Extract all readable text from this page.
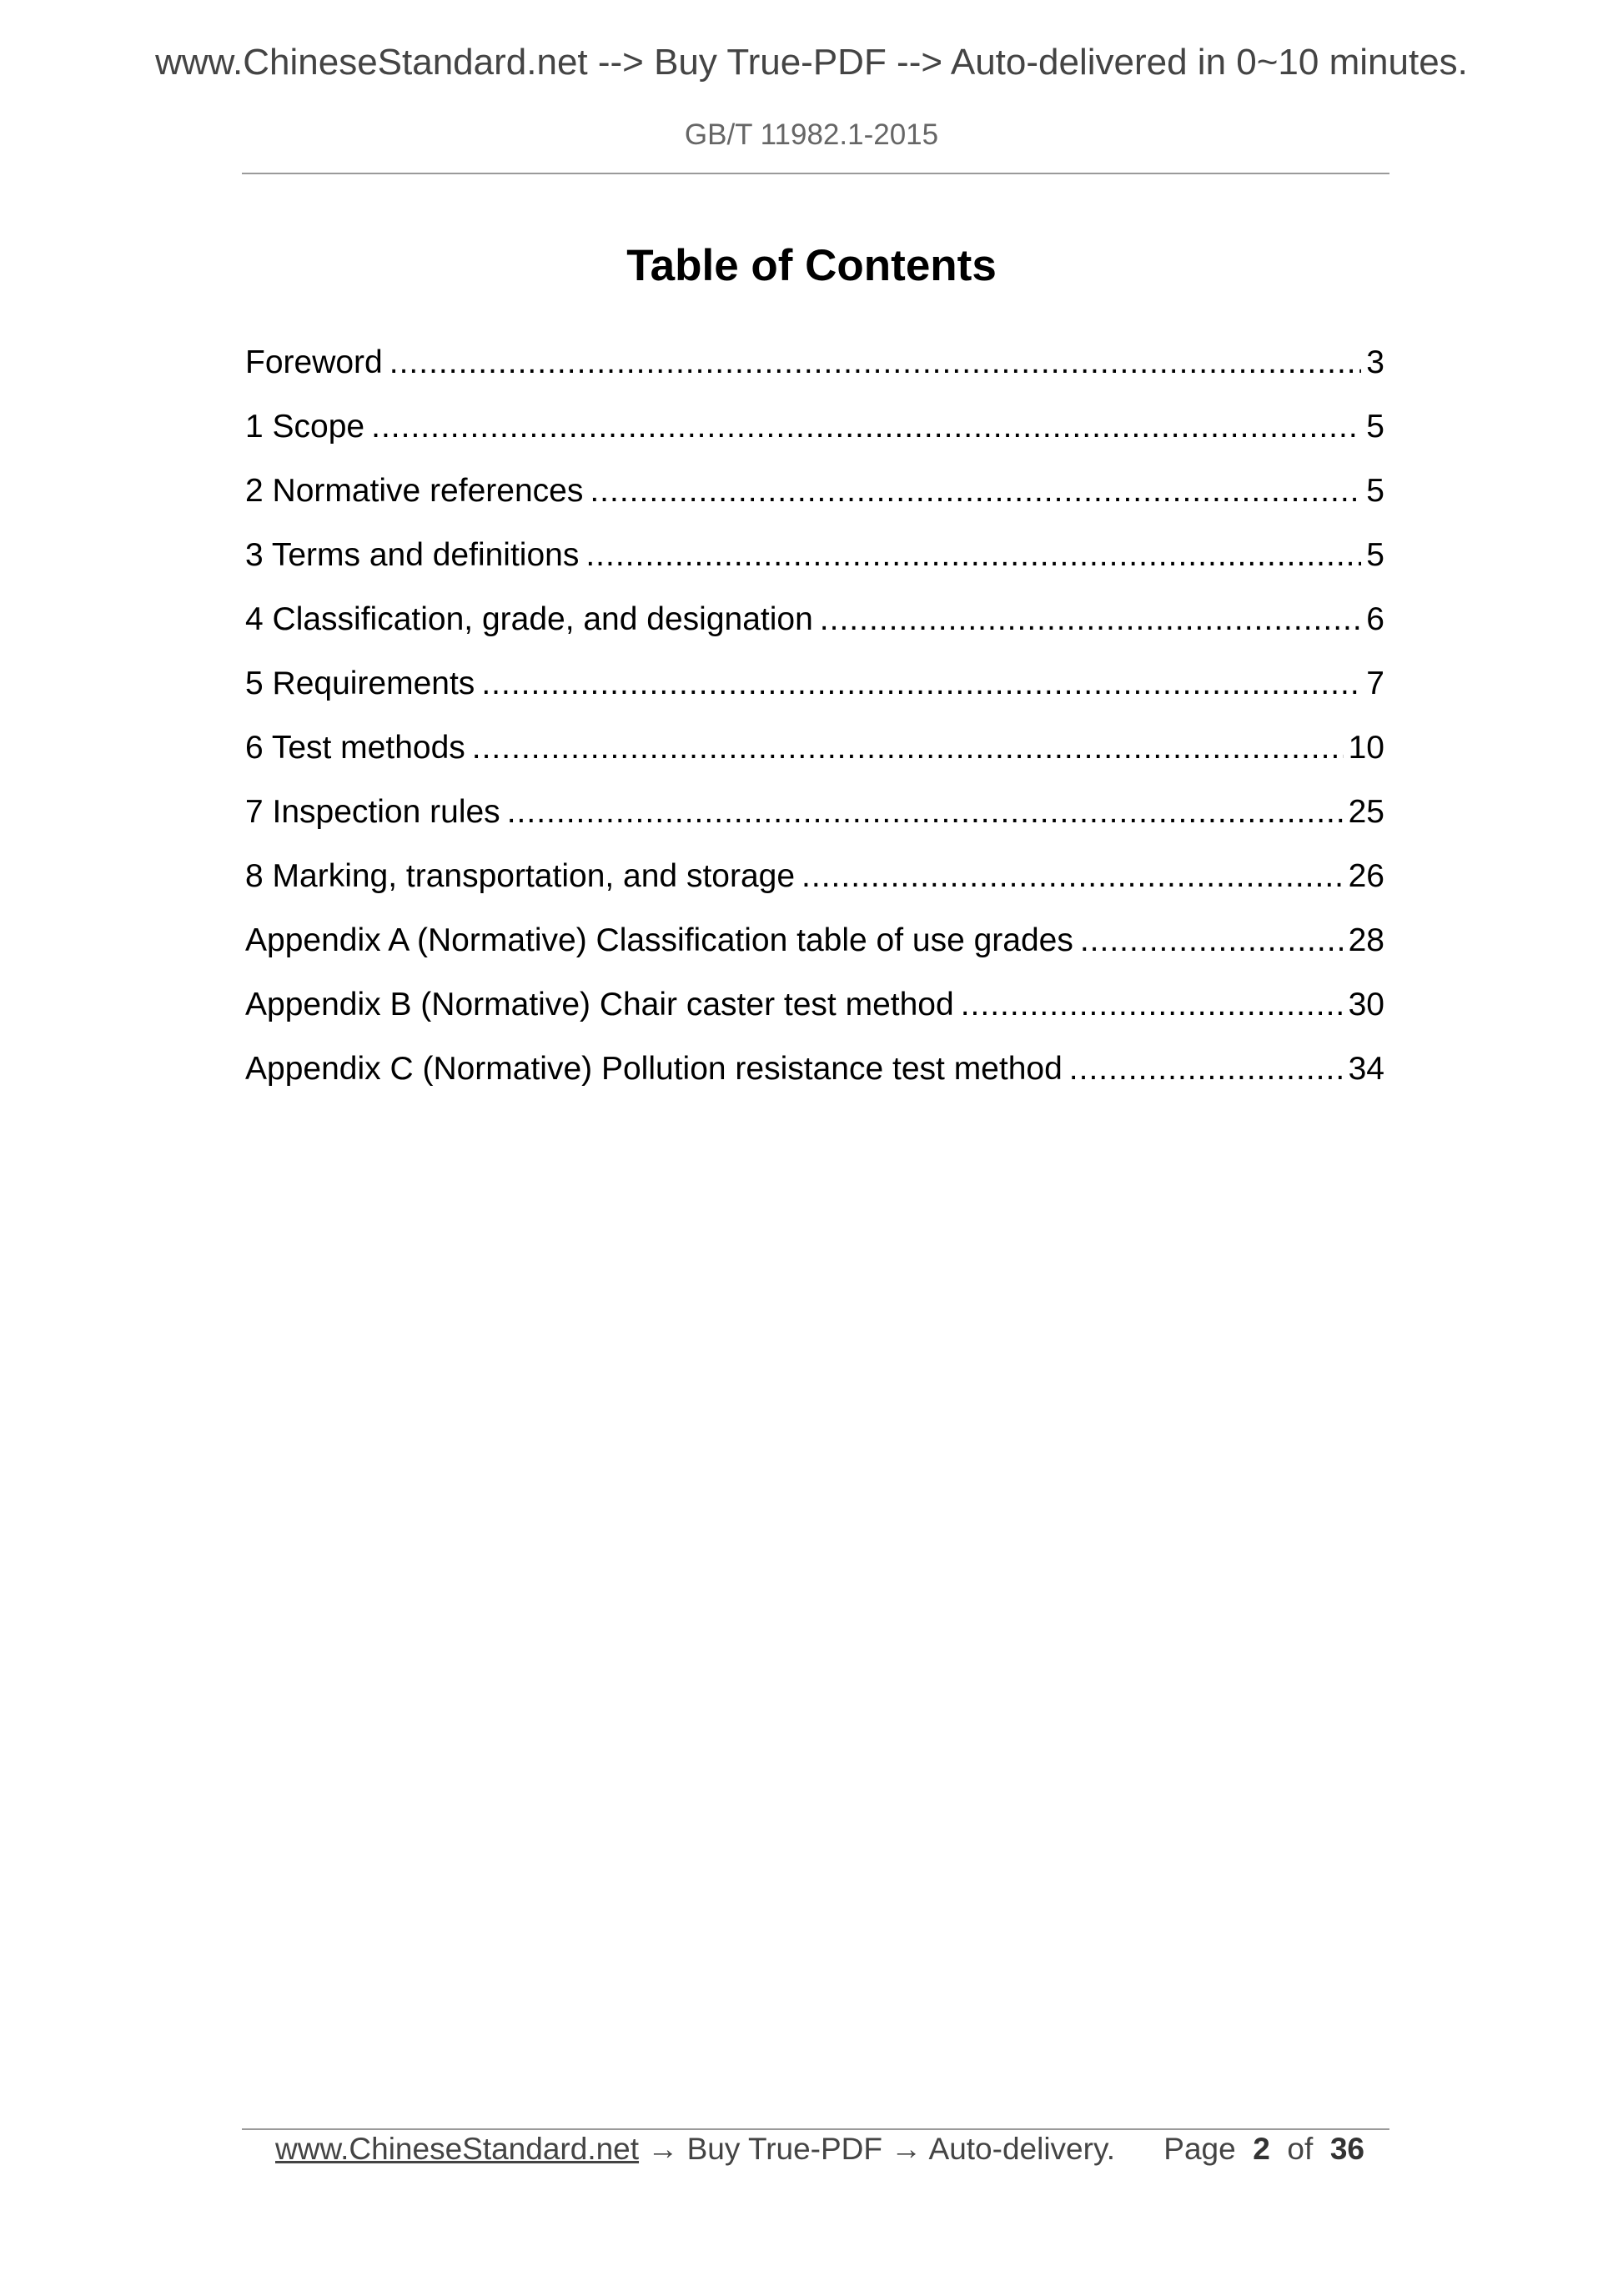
www.ChineseStandard.net --> Buy True-PDF --> Auto-delivered in 0~10 minutes.
GB/T 11982.1-2015
Table of Contents
Foreword .....	3
1 Scope .....	5
2 Normative references .....	5
3 Terms and definitions .....	5
4 Classification, grade, and designation .....	6
5 Requirements .....	7
6 Test methods .....	10
7 Inspection rules .....	25
8 Marking, transportation, and storage .....	26
Appendix A (Normative) Classification table of use grades .....	28
Appendix B (Normative) Chair caster test method .....	30
Appendix C (Normative) Pollution resistance test method .....	34
www.ChineseStandard.net → Buy True-PDF → Auto-delivery. Page 2 of 36
